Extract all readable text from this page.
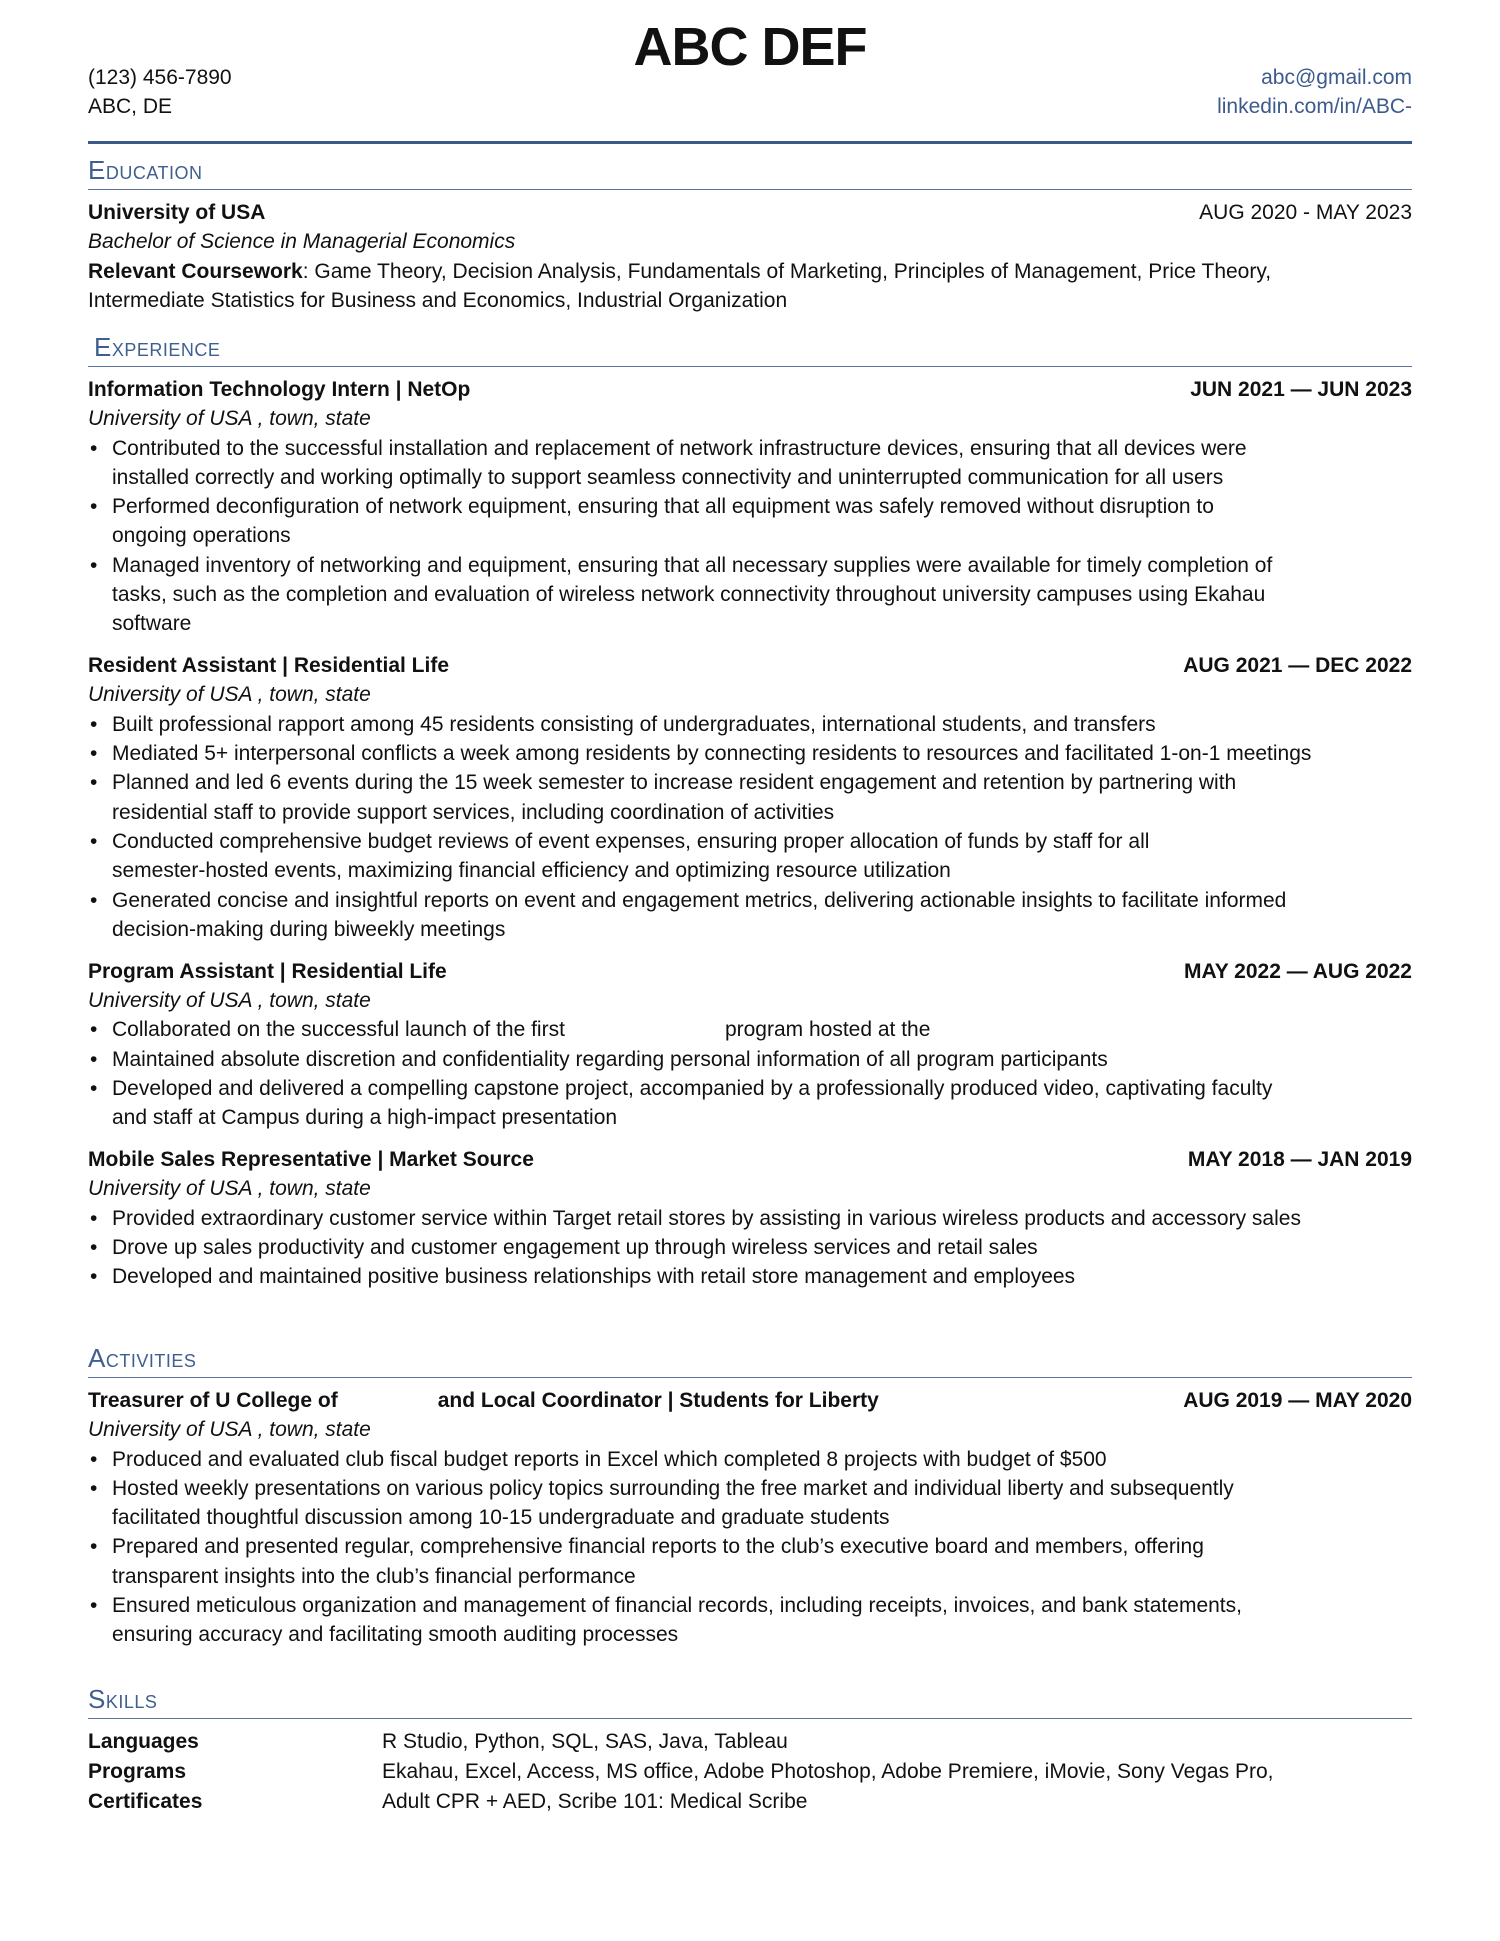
ABC DEF
(123) 456-7890
ABC, DE
abc@gmail.com
linkedin.com/in/ABC-
Education
University of USA	AUG 2020 - MAY 2023
Bachelor of Science in Managerial Economics
Relevant Coursework: Game Theory, Decision Analysis, Fundamentals of Marketing, Principles of Management, Price Theory,
Intermediate Statistics for Business and Economics, Industrial Organization
Experience
Information Technology Intern | NetOp	JUN 2021 — JUN 2023
University of USA , town, state
• Contributed to the successful installation and replacement of network infrastructure devices, ensuring that all devices were
installed correctly and working optimally to support seamless connectivity and uninterrupted communication for all users
• Performed deconfiguration of network equipment, ensuring that all equipment was safely removed without disruption to
ongoing operations
• Managed inventory of networking and equipment, ensuring that all necessary supplies were available for timely completion of
tasks, such as the completion and evaluation of wireless network connectivity throughout university campuses using Ekahau
software
Resident Assistant | Residential Life	AUG 2021 — DEC 2022
University of USA , town, state
• Built professional rapport among 45 residents consisting of undergraduates, international students, and transfers
• Mediated 5+ interpersonal conflicts a week among residents by connecting residents to resources and facilitated 1-on-1 meetings
• Planned and led 6 events during the 15 week semester to increase resident engagement and retention by partnering with
residential staff to provide support services, including coordination of activities
• Conducted comprehensive budget reviews of event expenses, ensuring proper allocation of funds by staff for all
semester-hosted events, maximizing financial efficiency and optimizing resource utilization
• Generated concise and insightful reports on event and engagement metrics, delivering actionable insights to facilitate informed
decision-making during biweekly meetings
Program Assistant | Residential Life	MAY 2022 — AUG 2022
University of USA , town, state
• Collaborated on the successful launch of the first	program hosted at the
• Maintained absolute discretion and confidentiality regarding personal information of all program participants
• Developed and delivered a compelling capstone project, accompanied by a professionally produced video, captivating faculty
and staff at Campus during a high-impact presentation
Mobile Sales Representative | Market Source	MAY 2018 — JAN 2019
University of USA , town, state
• Provided extraordinary customer service within Target retail stores by assisting in various wireless products and accessory sales
• Drove up sales productivity and customer engagement up through wireless services and retail sales
• Developed and maintained positive business relationships with retail store management and employees
Activities
Treasurer of U College of	and Local Coordinator | Students for Liberty	AUG 2019 — MAY 2020
University of USA , town, state
• Produced and evaluated club fiscal budget reports in Excel which completed 8 projects with budget of $500
• Hosted weekly presentations on various policy topics surrounding the free market and individual liberty and subsequently
facilitated thoughtful discussion among 10-15 undergraduate and graduate students
• Prepared and presented regular, comprehensive financial reports to the club’s executive board and members, offering
transparent insights into the club’s financial performance
• Ensured meticulous organization and management of financial records, including receipts, invoices, and bank statements,
ensuring accuracy and facilitating smooth auditing processes
Skills
Languages	R Studio, Python, SQL, SAS, Java, Tableau
Programs	Ekahau, Excel, Access, MS office, Adobe Photoshop, Adobe Premiere, iMovie, Sony Vegas Pro,
Certificates	Adult CPR + AED, Scribe 101: Medical Scribe
